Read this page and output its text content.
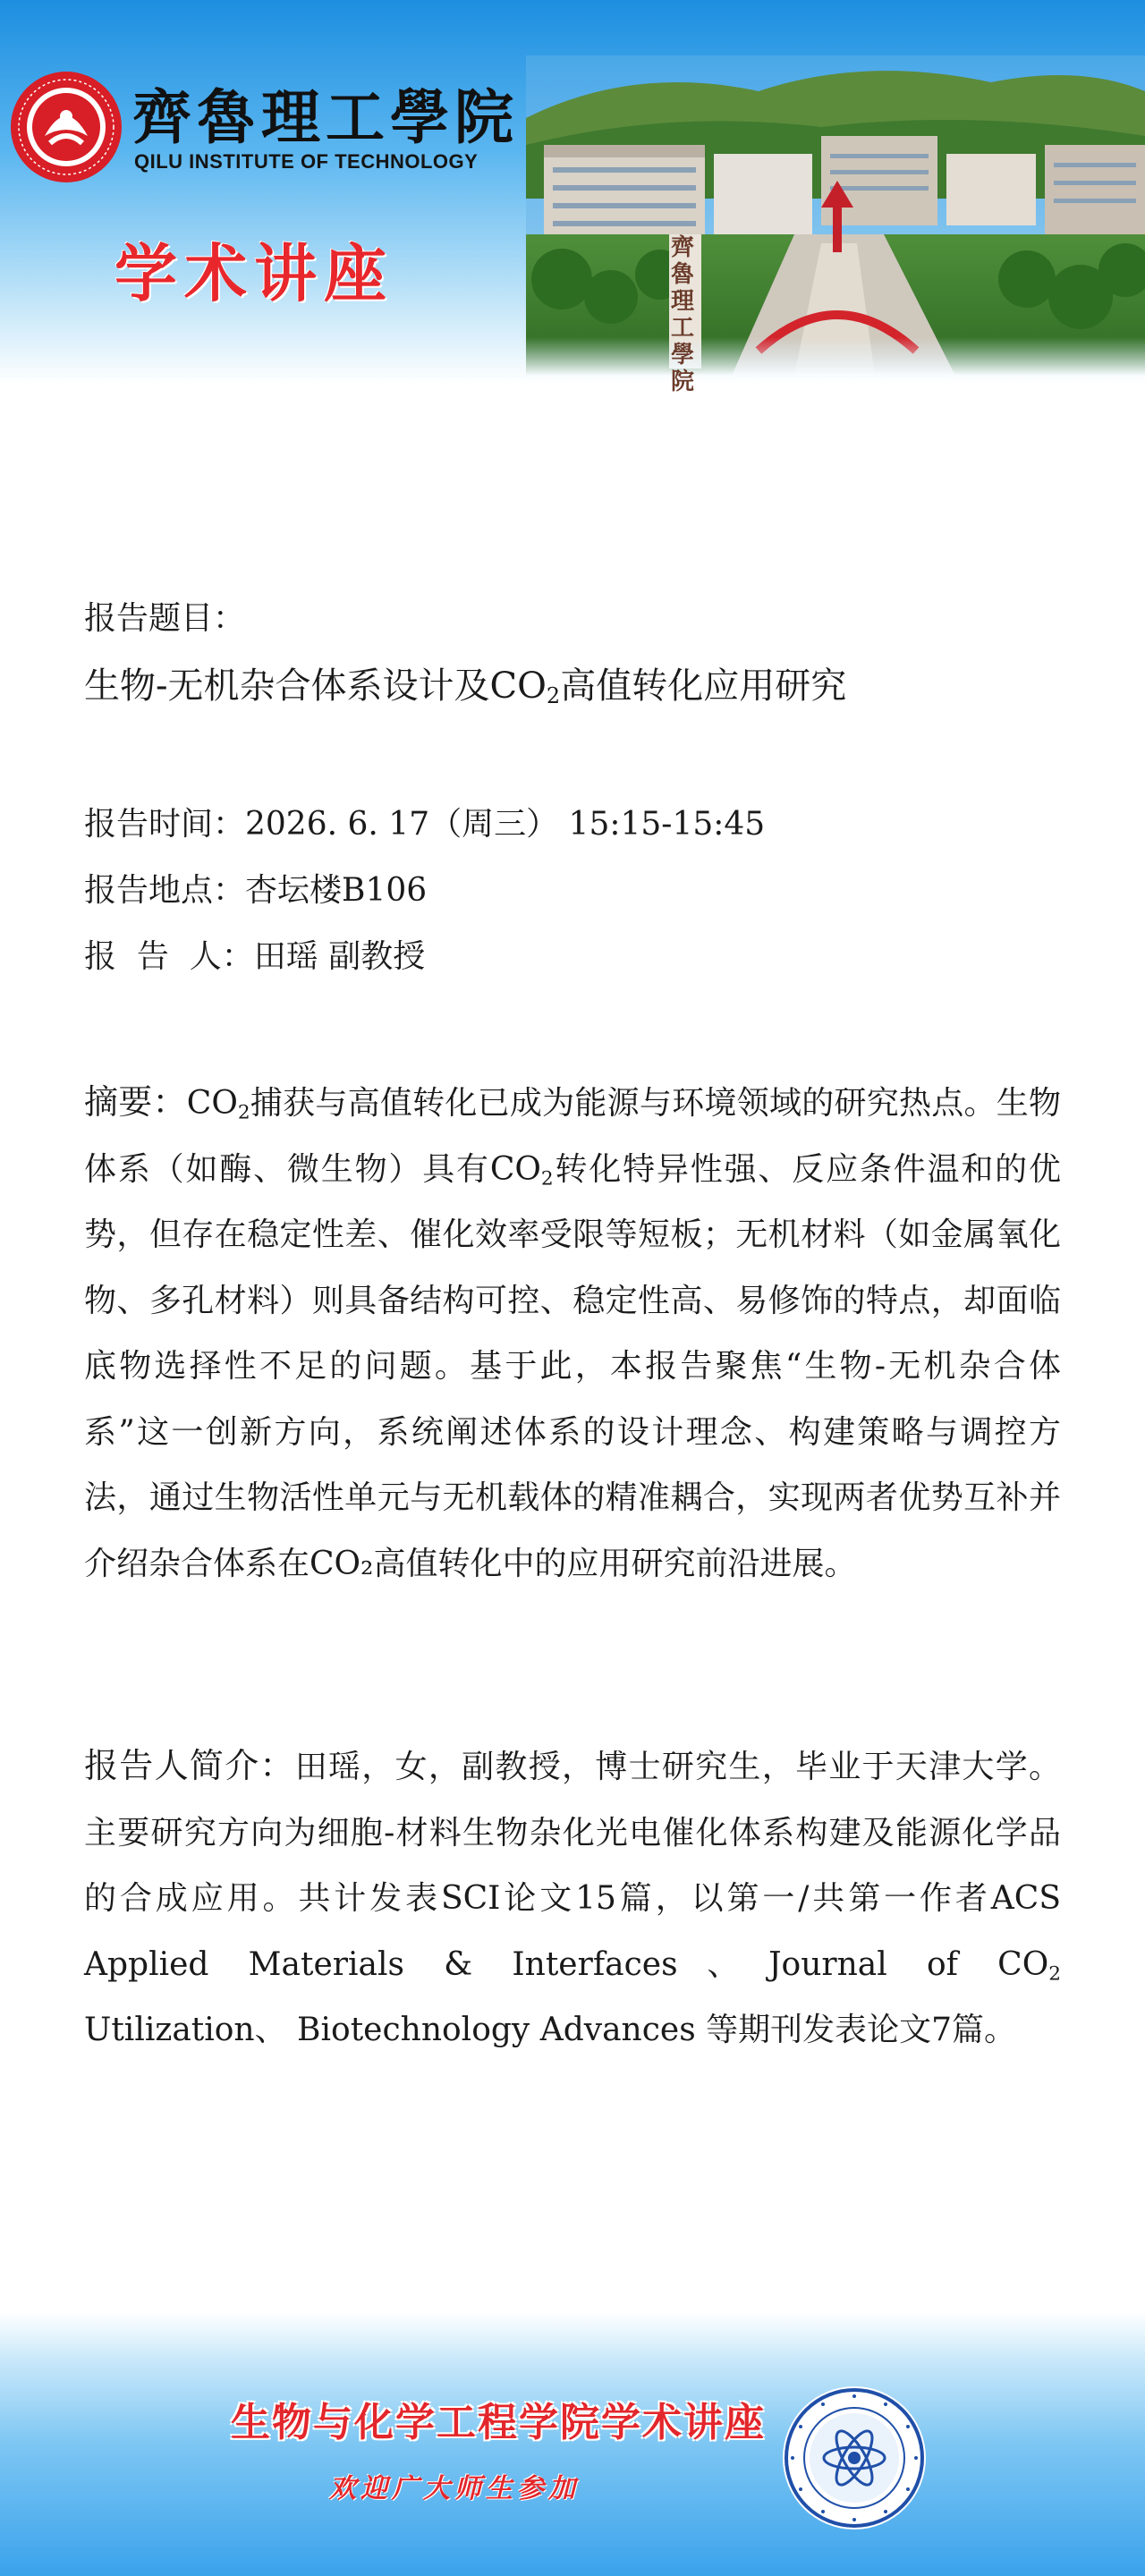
齊魯理工學院
QILU INSTITUTE OF TECHNOLOGY
学术讲座	齊魯理工學院
报告题目：
生物-无机杂合体系设计及$CO_2$高值转化应用研究
报告时间：2026. 6. 17（周三） 15:15-15:45
报告地点：杏坛楼B106
报  告  人：田瑶 副教授

摘要：$CO_2$捕获与高值转化已成为能源与环境领域的研究热点。生物体系（如酶、微生物）具有$CO_2$转化特异性强、反应条件温和的优势，但存在稳定性差、催化效率受限等短板；无机材料（如金属氧化物、多孔材料）则具备结构可控、稳定性高、易修饰的特点，却面临底物选择性不足的问题。基于此，本报告聚焦“生物-无机杂合体系”这一创新方向，系统阐述体系的设计理念、构建策略与调控方法，通过生物活性单元与无机载体的精准耦合，实现两者优势互补并介绍杂合体系在CO₂高值转化中的应用研究前沿进展。

报告人简介：田瑶，女，副教授，博士研究生，毕业于天津大学。主要研究方向为细胞-材料生物杂化光电催化体系构建及能源化学品的合成应用。共计发表SCI论文15篇，以第一/共第一作者ACS Applied Materials & Interfaces、Journal of $CO_2$ Utilization、 Biotechnology Advances 等期刊发表论文7篇。

生物与化学工程学院学术讲座
欢迎广大师生参加
